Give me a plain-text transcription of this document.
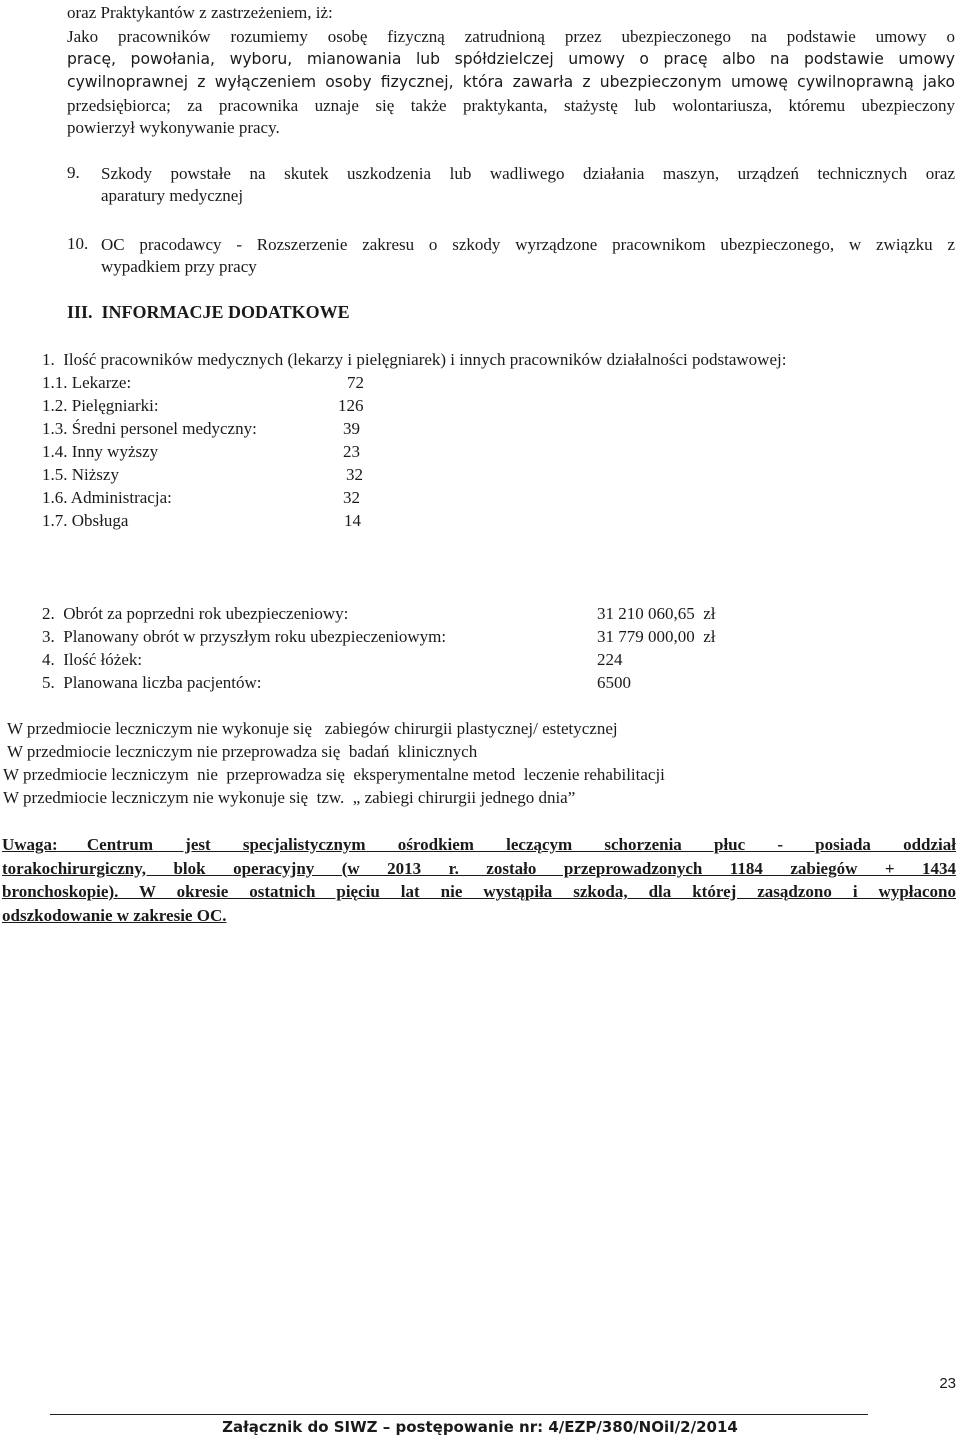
oraz Praktykantów z zastrzeżeniem, iż:
Jako pracowników rozumiemy osobę fizyczną zatrudnioną przez ubezpieczonego na podstawie umowy o
pracę, powołania, wyboru, mianowania lub spółdzielczej umowy o pracę albo na podstawie umowy
cywilnoprawnej z wyłączeniem osoby fizycznej, która zawarła z ubezpieczonym umowę cywilnoprawną jako
przedsiębiorca; za pracownika uznaje się także praktykanta, stażystę lub wolontariusza, któremu ubezpieczony
powierzył wykonywanie pracy.
9. Szkody powstałe na skutek uszkodzenia lub wadliwego działania maszyn, urządzeń technicznych oraz
aparatury medycznej
10. OC pracodawcy - Rozszerzenie zakresu o szkody wyrządzone pracownikom ubezpieczonego, w związku z
wypadkiem przy pracy
III.  INFORMACJE DODATKOWE
1.  Ilość pracowników medycznych (lekarzy i pielęgniarek) i innych pracowników działalności podstawowej:
1.1. Lekarze:	72
1.2. Pielęgniarki:	126
1.3. Średni personel medyczny:	39
1.4. Inny wyższy	23
1.5. Niższy	32
1.6. Administracja:	32
1.7. Obsługa	14
2.  Obrót za poprzedni rok ubezpieczeniowy:	31 210 060,65  zł
3.  Planowany obrót w przyszłym roku ubezpieczeniowym:	31 779 000,00  zł
4.  Ilość łóżek:	224
5.  Planowana liczba pacjentów:	6500
W przedmiocie leczniczym nie wykonuje się   zabiegów chirurgii plastycznej/ estetycznej
W przedmiocie leczniczym nie przeprowadza się  badań  klinicznych
W przedmiocie leczniczym  nie  przeprowadza się  eksperymentalne metod  leczenie rehabilitacji
W przedmiocie leczniczym nie wykonuje się  tzw.  „ zabiegi chirurgii jednego dnia”
Uwaga: Centrum jest specjalistycznym ośrodkiem leczącym schorzenia płuc - posiada oddział
torakochirurgiczny, blok operacyjny (w 2013 r. zostało przeprowadzonych 1184 zabiegów + 1434
bronchoskopie). W okresie ostatnich pięciu lat nie wystąpiła szkoda, dla której zasądzono i wypłacono
odszkodowanie w zakresie OC.
23
Załącznik do SIWZ – postępowanie nr: 4/EZP/380/NOiI/2/2014
